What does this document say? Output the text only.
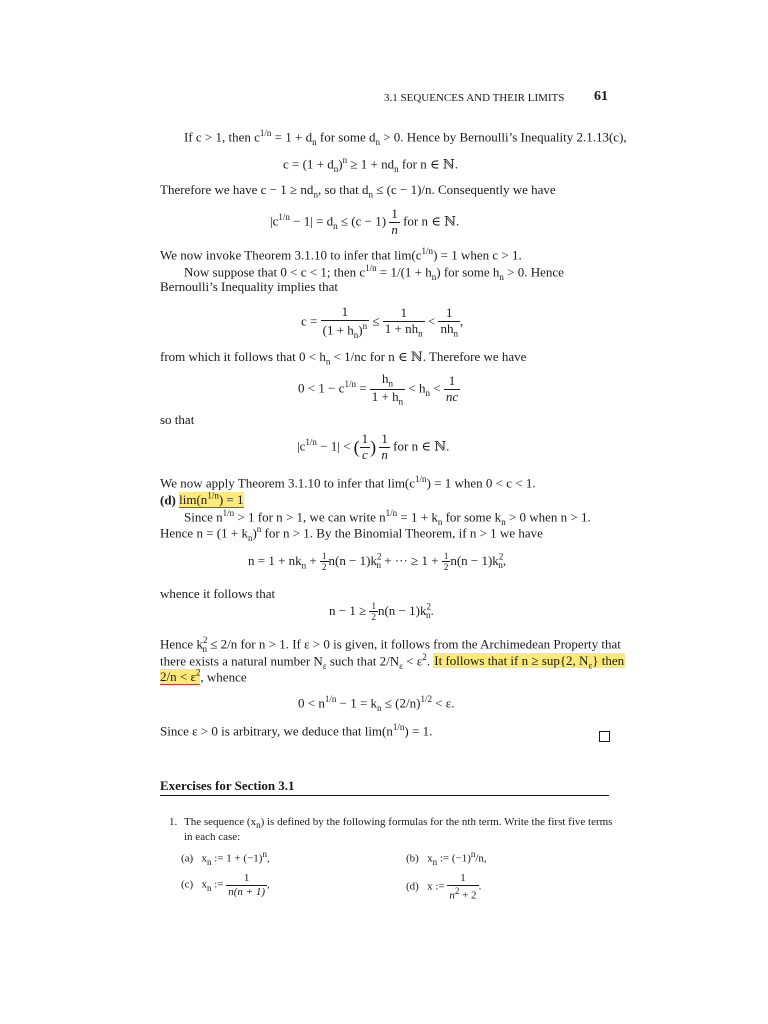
3.1 SEQUENCES AND THEIR LIMITS 61
If c > 1, then $c^{1/n} = 1 + d_n$ for some $d_n > 0$. Hence by Bernoulli’s Inequality 2.1.13(c),
$c = (1 + d_n)^n \ge 1 + nd_n$ for n ∈ ℕ.
Therefore we have $c - 1 \ge nd_n$, so that $d_n \le (c - 1)/n$. Consequently we have
$|c^{1/n} - 1| = d_n \le (c - 1) \frac{1}{n}$ for n ∈ ℕ.
We now invoke Theorem 3.1.10 to infer that $\lim(c^{1/n}) = 1$ when c > 1.
Now suppose that 0 < c < 1; then $c^{1/n} = 1/(1 + h_n)$ for some $h_n > 0$. Hence
Bernoulli’s Inequality implies that
$c = \frac{1}{(1 + h_n)^n} \le \frac{1}{1 + nh_n} < \frac{1}{nh_n}$ ,
from which it follows that $0 < h_n < 1/nc$ for n ∈ ℕ. Therefore we have
$0 < 1 - c^{1/n} = \frac{h_n}{1 + h_n} < h_n < \frac{1}{nc}$
so that
$|c^{1/n} - 1|$ < ( $\frac{1}{c}$ ) $\frac{1}{n}$ for n ∈ ℕ.
We now apply Theorem 3.1.10 to infer that $\lim(c^{1/n}) = 1$ when 0 < c < 1.
(d) $\lim(n^{1/n}) = 1$
Since $n^{1/n} > 1$ for n > 1, we can write $n^{1/n} = 1 + k_n$ for some $k_n > 0$ when n > 1.
Hence $n = (1 + k_n)^n$ for n > 1. By the Binomial Theorem, if n > 1 we have
$n = 1 + nk_n + \frac{1}{2} n(n - 1)k^2_n$ + ··· ≥ $1 + \frac{1}{2} n(n - 1)k^2_n$,
whence it follows that
$n - 1 \ge \frac{1}{2} n(n - 1)k^2_n$.
Hence $k^2_n \le 2/n$ for n > 1. If ε > 0 is given, it follows from the Archimedean Property that
there exists a natural number $N_\varepsilon$ such that $2/N_\varepsilon < \varepsilon^2$. It follows that if n ≥ sup{2, $N_\varepsilon$} then
$2/n < \varepsilon^2$, whence
$0 < n^{1/n} - 1 = k_n \le (2/n)^{1/2} < \varepsilon$.
Since ε > 0 is arbitrary, we deduce that $\lim(n^{1/n}) = 1$.
Exercises for Section 3.1
1. The sequence $(x_n)$ is defined by the following formulas for the nth term. Write the first five terms
in each case:
(a) $x_n$ := $1 + (-1)^n$,	(b) $x_n$ := $(-1)^n/n$,
(c) $x_n$ := $\frac{1}{n(n + 1)}$ ,	(d) x := $\frac{1}{n^2 + 2}$ .
